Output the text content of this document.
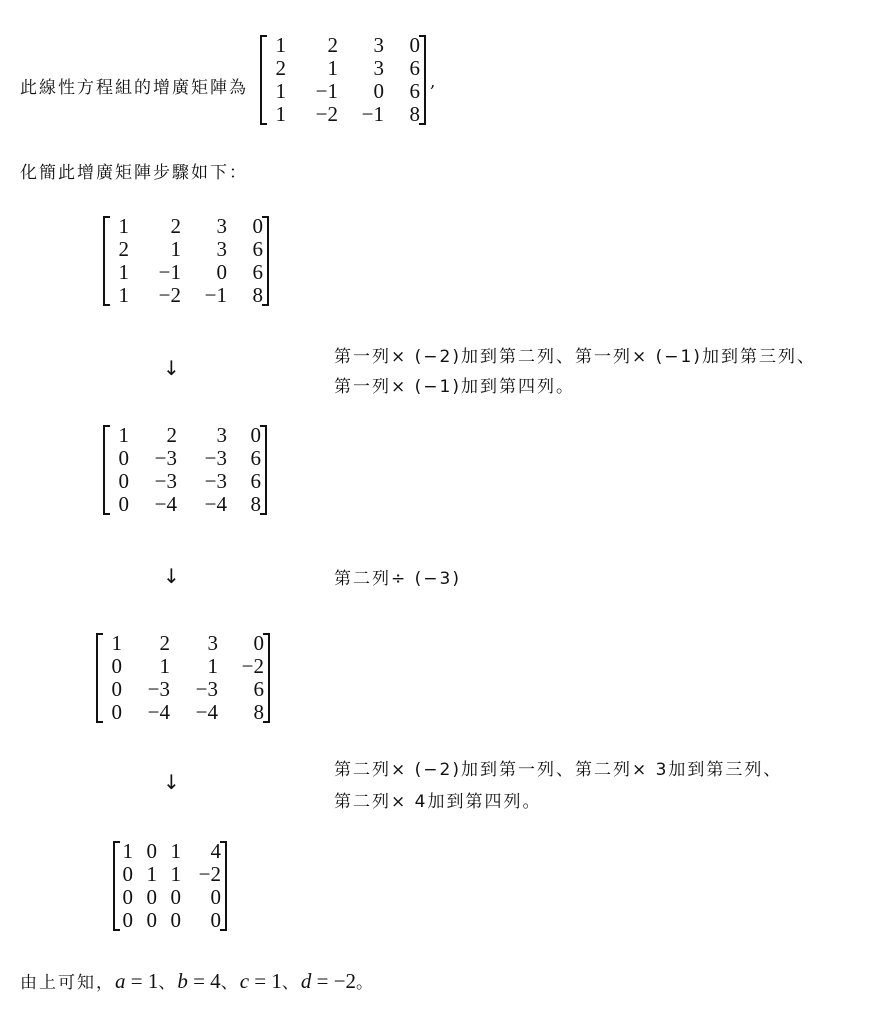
此線性方程組的增廣矩陣為
1	2	3	0
2	1	3	6
1	−1	0	6
1	−2	−1	8
,
化簡此增廣矩陣步驟如下：
1	2	3	0
2	1	3	6
1	−1	0	6
1	−2	−1	8
↓	第一列× (−2)加到第二列、第一列× (−1)加到第三列、
第一列× (−1)加到第四列。
1	2	3	0
0	−3	−3	6
0	−3	−3	6
0	−4	−4	8
↓	第二列÷ (−3)
1	2	3	0
0	1	1	−2
0	−3	−3	6
0	−4	−4	8
↓	第二列× (−2)加到第一列、第二列× 3加到第三列、
第二列× 4加到第四列。
1 0 1	4
0 1 1 −2
0 0 0	0
0 0 0	0
由上可知，a = 1、b = 4、c = 1、d = −2。
